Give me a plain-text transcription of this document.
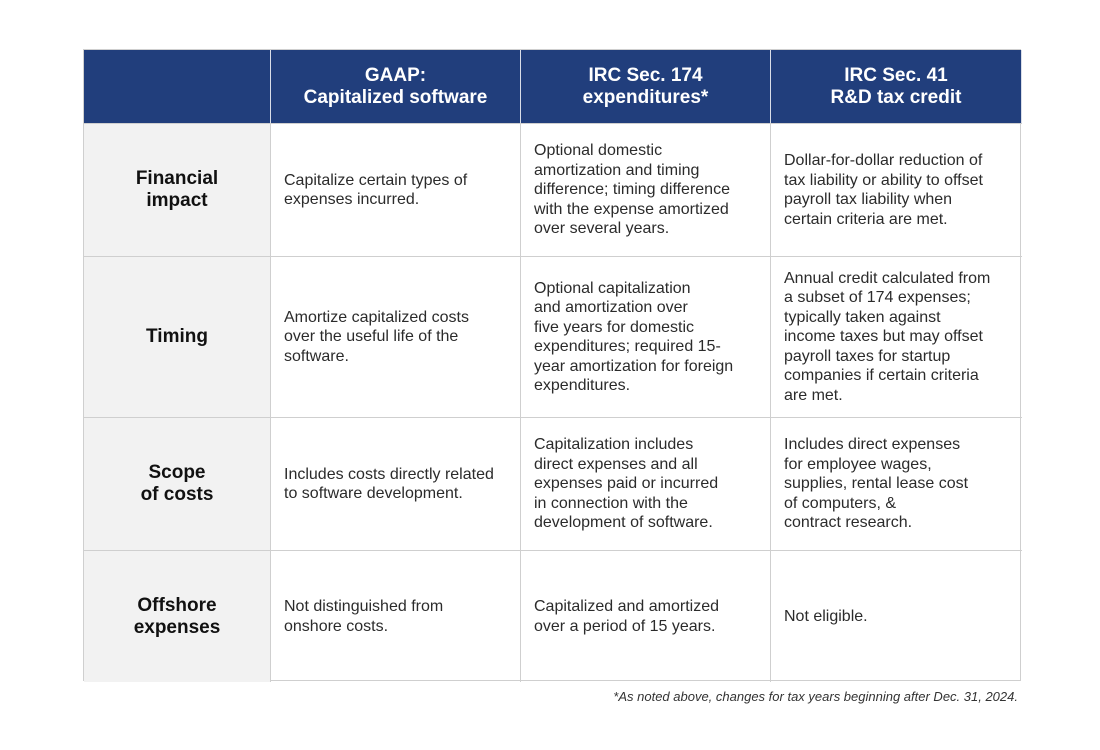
GAAP:
Capitalized software
IRC Sec. 174
expenditures*
IRC Sec. 41
R&D tax credit
Financial
impact
Capitalize certain types of
expenses incurred.
Optional domestic
amortization and timing
difference; timing difference
with the expense amortized
over several years.
Dollar-for-dollar reduction of
tax liability or ability to offset
payroll tax liability when
certain criteria are met.
Timing
Amortize capitalized costs
over the useful life of the
software.
Optional capitalization
and amortization over
five years for domestic
expenditures; required 15-
year amortization for foreign
expenditures.
Annual credit calculated from
a subset of 174 expenses;
typically taken against
income taxes but may offset
payroll taxes for startup
companies if certain criteria
are met.
Scope
of costs
Includes costs directly related
to software development.
Capitalization includes
direct expenses and all
expenses paid or incurred
in connection with the
development of software.
Includes direct expenses
for employee wages,
supplies, rental lease cost
of computers, &
contract research.
Offshore
expenses
Not distinguished from
onshore costs.
Capitalized and amortized
over a period of 15 years.
Not eligible.
*As noted above, changes for tax years beginning after Dec. 31, 2024.
